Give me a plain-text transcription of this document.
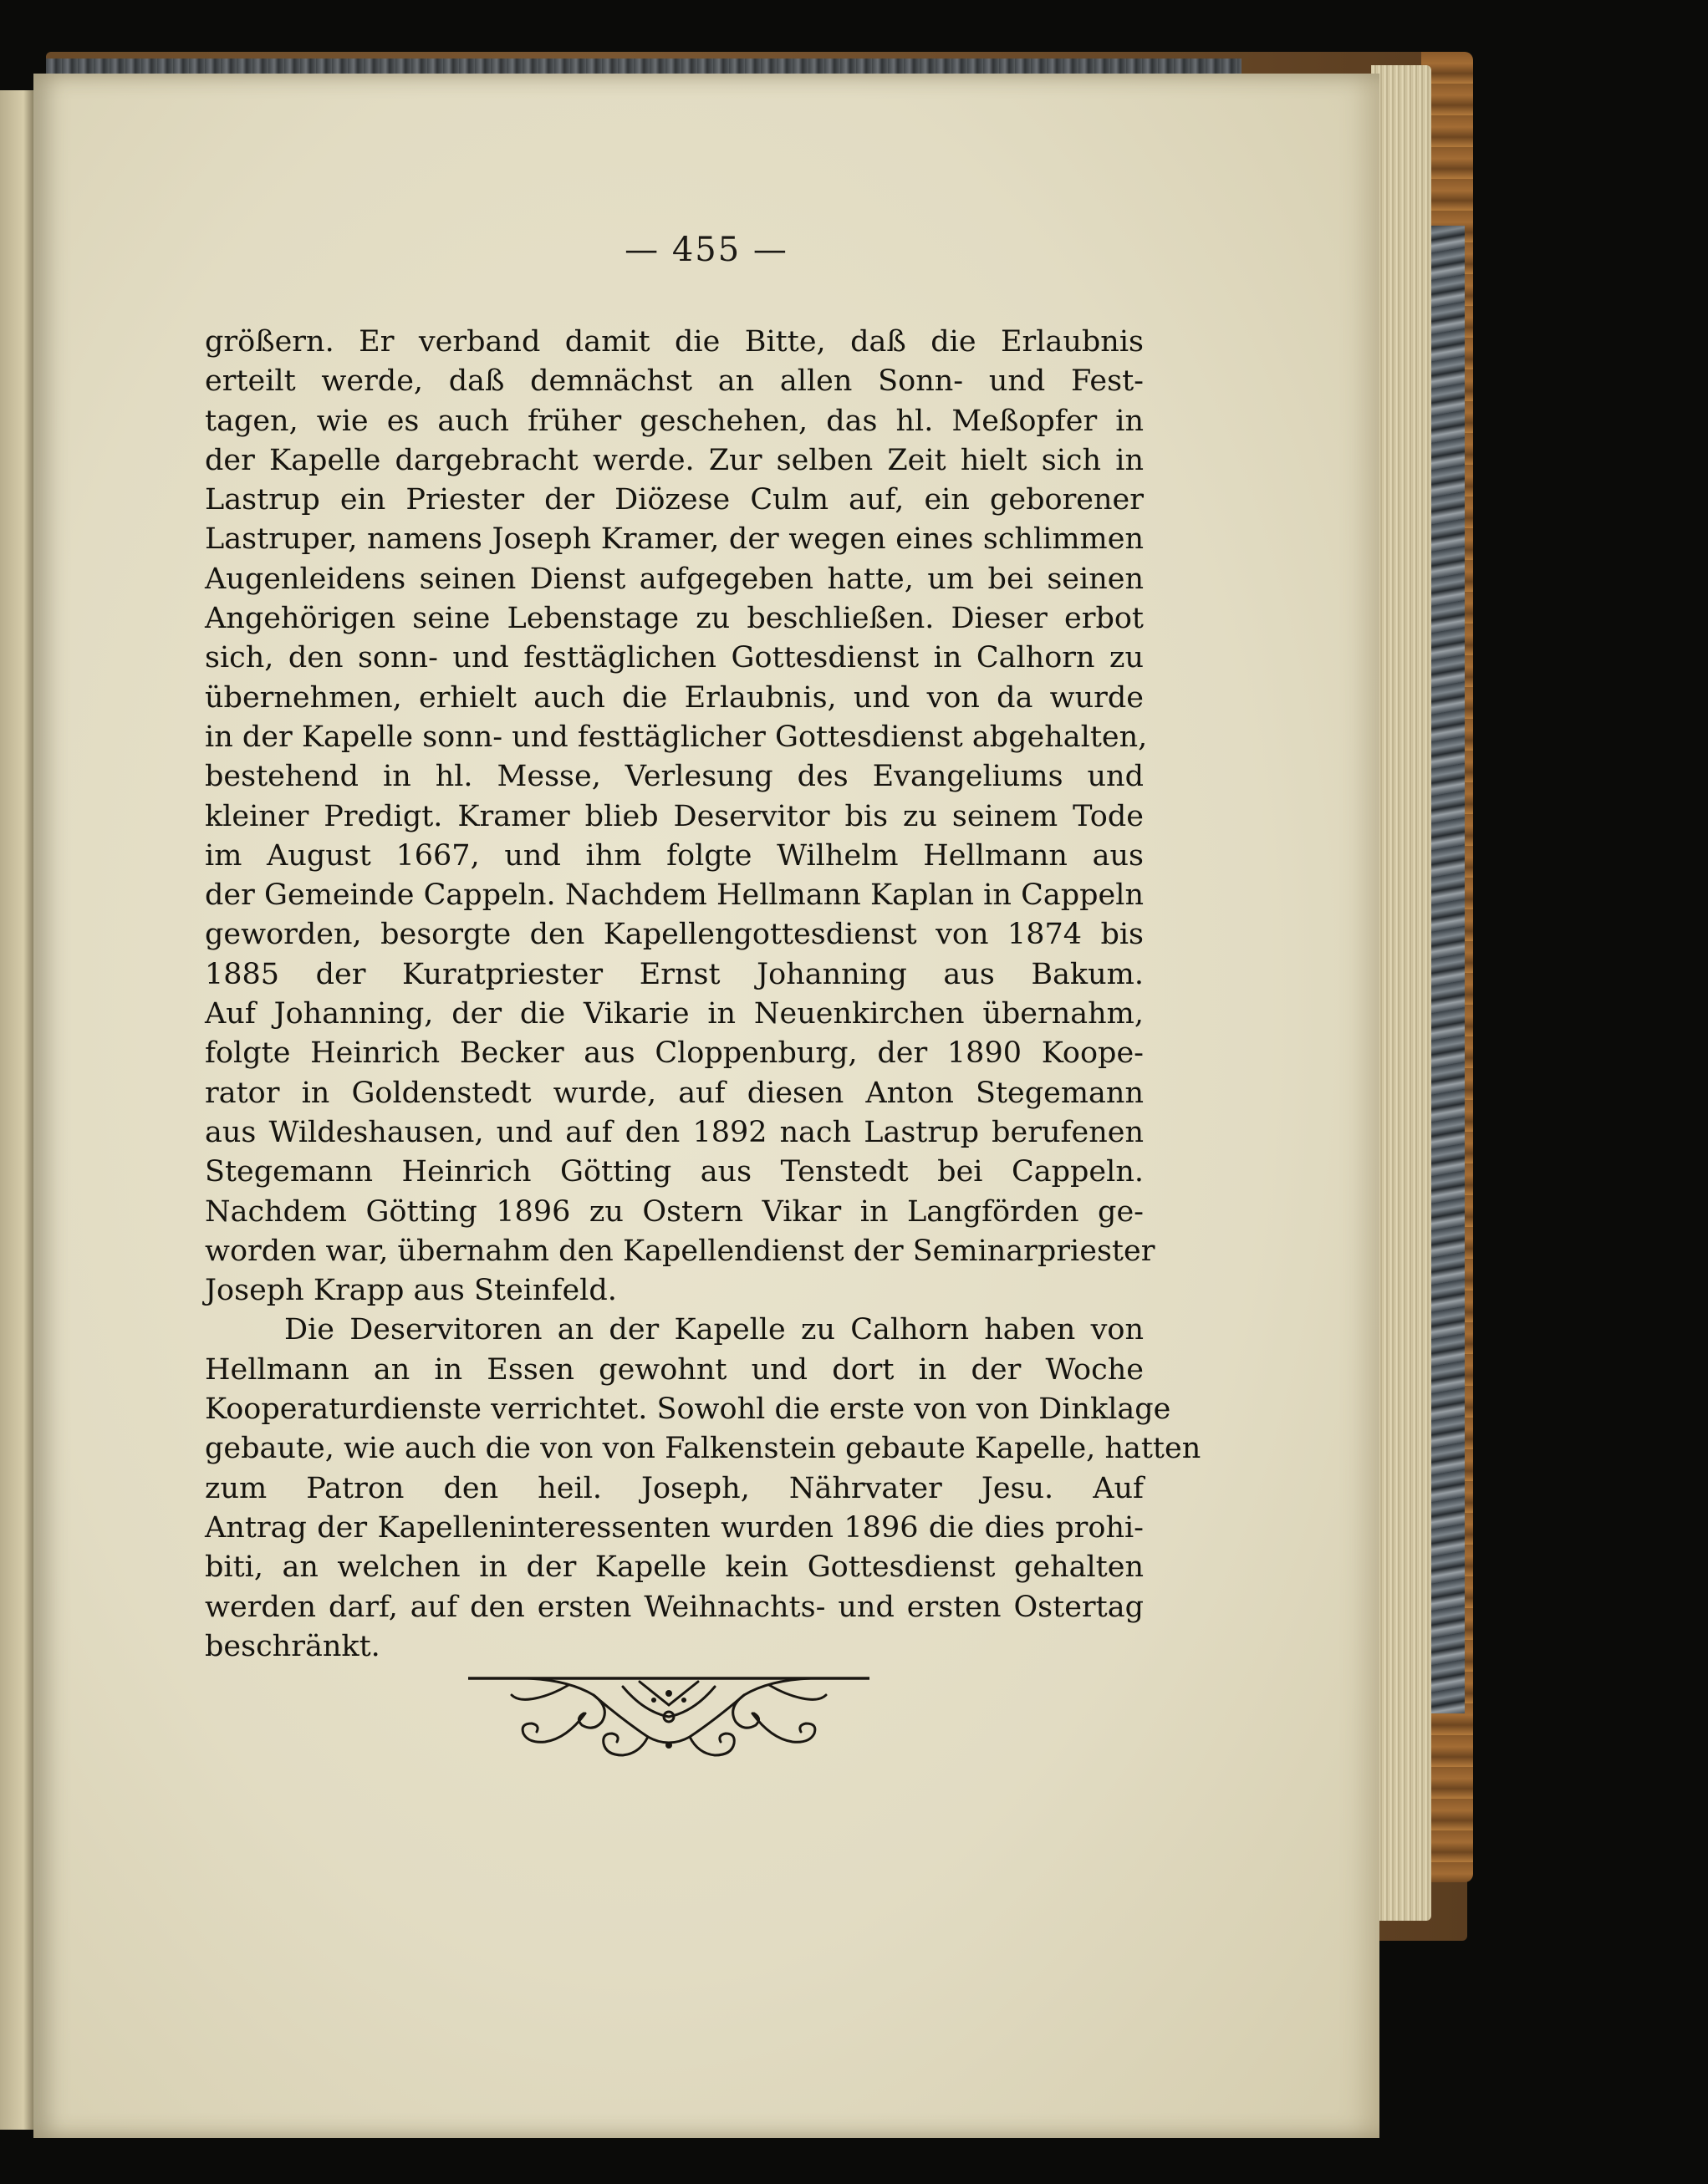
— 455 —
größern. Er verband damit die Bitte, daß die Erlaubnis
erteilt werde, daß demnächst an allen Sonn- und Fest-
tagen, wie es auch früher geschehen, das hl. Meßopfer in
der Kapelle dargebracht werde. Zur selben Zeit hielt sich in
Lastrup ein Priester der Diözese Culm auf, ein geborener
Lastruper, namens Joseph Kramer, der wegen eines schlimmen
Augenleidens seinen Dienst aufgegeben hatte, um bei seinen
Angehörigen seine Lebenstage zu beschließen. Dieser erbot
sich, den sonn- und festtäglichen Gottesdienst in Calhorn zu
übernehmen, erhielt auch die Erlaubnis, und von da wurde
in der Kapelle sonn- und festtäglicher Gottesdienst abgehalten,
bestehend in hl. Messe, Verlesung des Evangeliums und
kleiner Predigt. Kramer blieb Deservitor bis zu seinem Tode
im August 1667, und ihm folgte Wilhelm Hellmann aus
der Gemeinde Cappeln. Nachdem Hellmann Kaplan in Cappeln
geworden, besorgte den Kapellengottesdienst von 1874 bis
1885 der Kuratpriester Ernst Johanning aus Bakum.
Auf Johanning, der die Vikarie in Neuenkirchen übernahm,
folgte Heinrich Becker aus Cloppenburg, der 1890 Koope-
rator in Goldenstedt wurde, auf diesen Anton Stegemann
aus Wildeshausen, und auf den 1892 nach Lastrup berufenen
Stegemann Heinrich Götting aus Tenstedt bei Cappeln.
Nachdem Götting 1896 zu Ostern Vikar in Langförden ge-
worden war, übernahm den Kapellendienst der Seminarpriester
Joseph Krapp aus Steinfeld.
Die Deservitoren an der Kapelle zu Calhorn haben von
Hellmann an in Essen gewohnt und dort in der Woche
Kooperaturdienste verrichtet. Sowohl die erste von von Dinklage
gebaute, wie auch die von von Falkenstein gebaute Kapelle, hatten
zum Patron den heil. Joseph, Nährvater Jesu. Auf
Antrag der Kapelleninteressenten wurden 1896 die dies prohi-
biti, an welchen in der Kapelle kein Gottesdienst gehalten
werden darf, auf den ersten Weihnachts- und ersten Ostertag
beschränkt.
